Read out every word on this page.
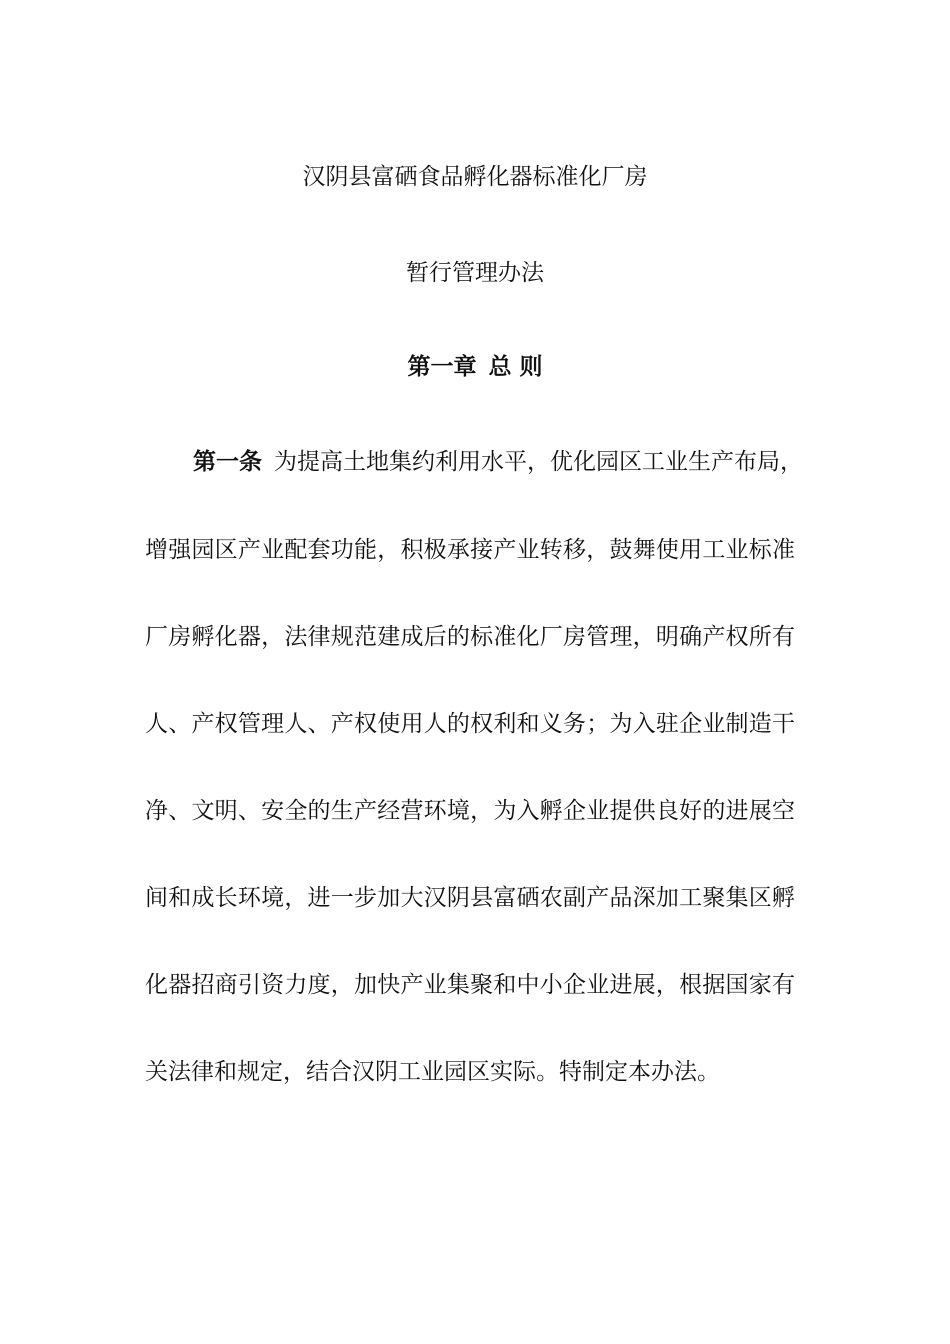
汉阴县富硒食品孵化器标准化厂房
暂行管理办法
第一章 总 则
第一条 为提高土地集约利用水平，优化园区工业生产布局，
增强园区产业配套功能，积极承接产业转移，鼓舞使用工业标准
厂房孵化器，法律规范建成后的标准化厂房管理，明确产权所有
人、产权管理人、产权使用人的权利和义务；为入驻企业制造干
净、文明、安全的生产经营环境，为入孵企业提供良好的进展空
间和成长环境，进一步加大汉阴县富硒农副产品深加工聚集区孵
化器招商引资力度，加快产业集聚和中小企业进展，根据国家有
关法律和规定，结合汉阴工业园区实际。特制定本办法。
